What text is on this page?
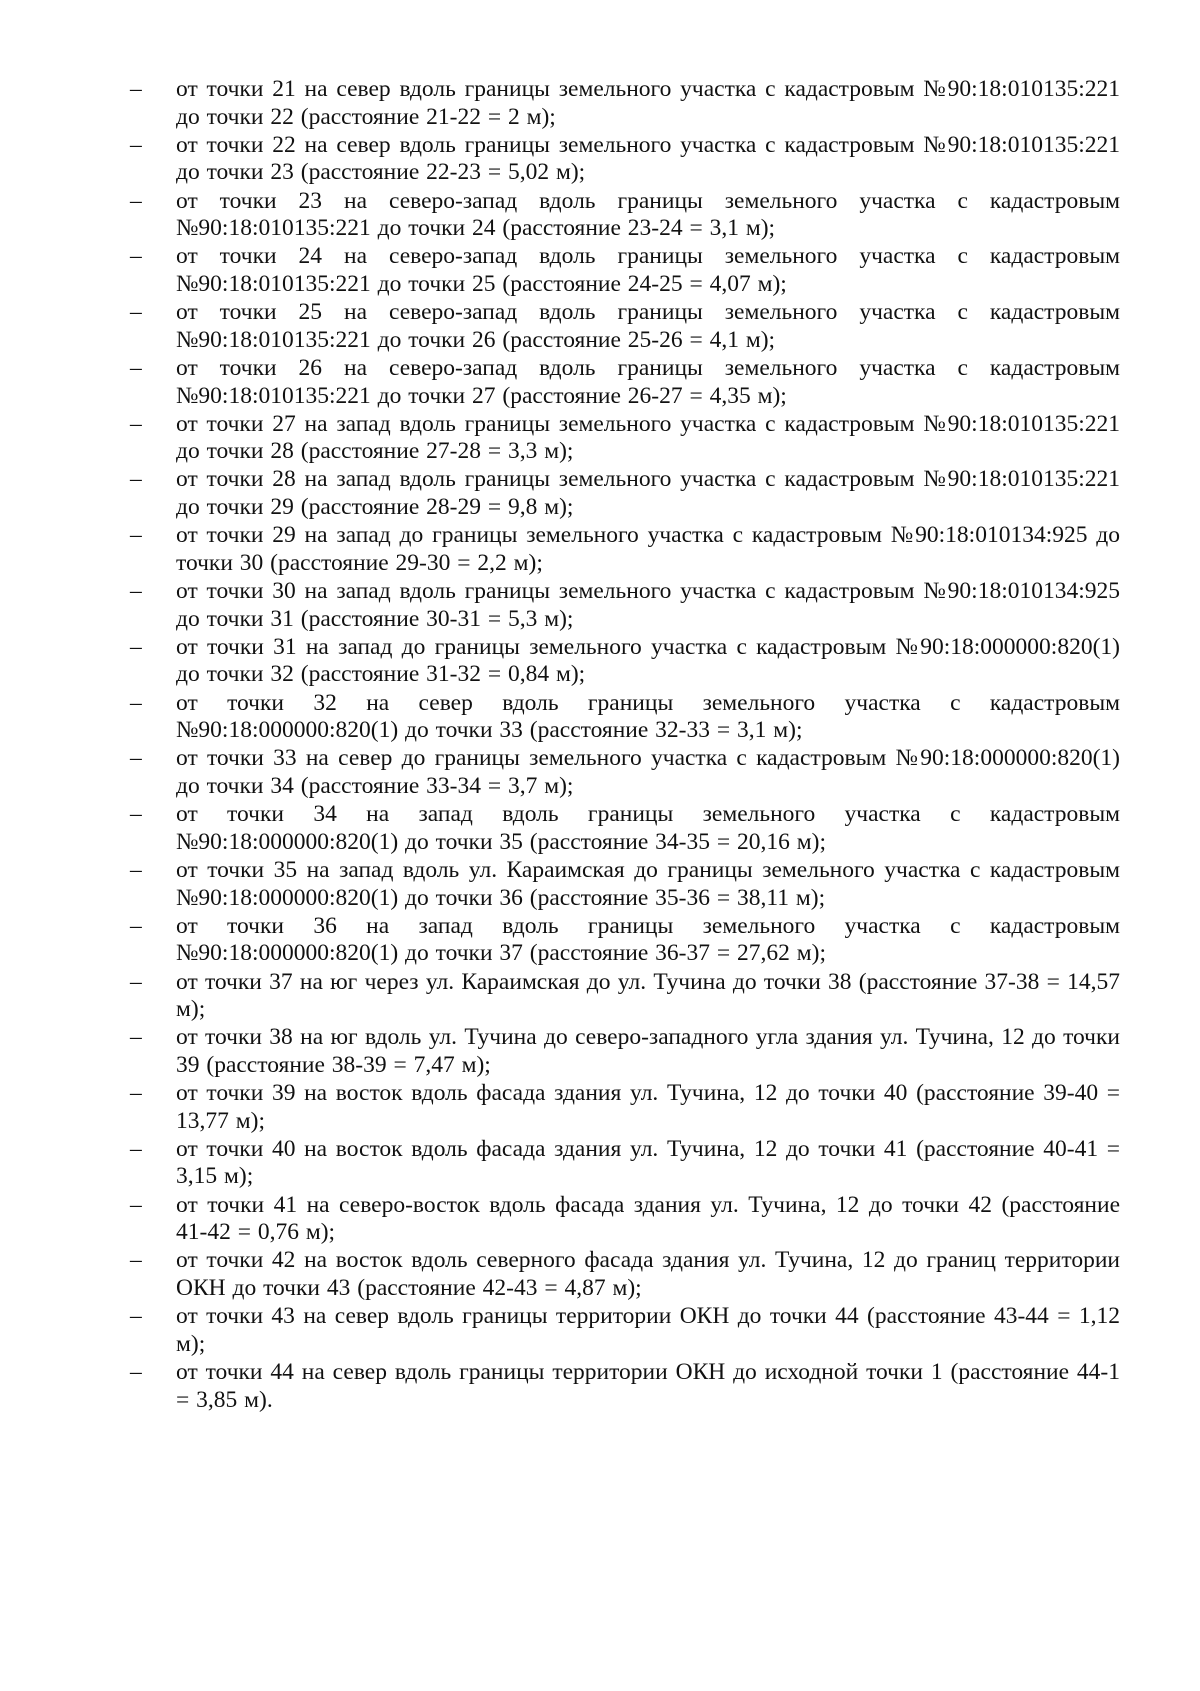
– от точки 21 на север вдоль границы земельного участка с кадастровым №90:18:010135:221 до точки 22 (расстояние 21-22 = 2 м);
– от точки 22 на север вдоль границы земельного участка с кадастровым №90:18:010135:221 до точки 23 (расстояние 22-23 = 5,02 м);
– от точки 23 на северо-запад вдоль границы земельного участка с кадастровым №90:18:010135:221 до точки 24 (расстояние 23-24 = 3,1 м);
– от точки 24 на северо-запад вдоль границы земельного участка с кадастровым №90:18:010135:221 до точки 25 (расстояние 24-25 = 4,07 м);
– от точки 25 на северо-запад вдоль границы земельного участка с кадастровым №90:18:010135:221 до точки 26 (расстояние 25-26 = 4,1 м);
– от точки 26 на северо-запад вдоль границы земельного участка с кадастровым №90:18:010135:221 до точки 27 (расстояние 26-27 = 4,35 м);
– от точки 27 на запад вдоль границы земельного участка с кадастровым №90:18:010135:221 до точки 28 (расстояние 27-28 = 3,3 м);
– от точки 28 на запад вдоль границы земельного участка с кадастровым №90:18:010135:221 до точки 29 (расстояние 28-29 = 9,8 м);
– от точки 29 на запад до границы земельного участка с кадастровым №90:18:010134:925 до точки 30 (расстояние 29-30 = 2,2 м);
– от точки 30 на запад вдоль границы земельного участка с кадастровым №90:18:010134:925 до точки 31 (расстояние 30-31 = 5,3 м);
– от точки 31 на запад до границы земельного участка с кадастровым №90:18:000000:820(1) до точки 32 (расстояние 31-32 = 0,84 м);
– от точки 32 на север вдоль границы земельного участка с кадастровым №90:18:000000:820(1) до точки 33 (расстояние 32-33 = 3,1 м);
– от точки 33 на север до границы земельного участка с кадастровым №90:18:000000:820(1) до точки 34 (расстояние 33-34 = 3,7 м);
– от точки 34 на запад вдоль границы земельного участка с кадастровым №90:18:000000:820(1) до точки 35 (расстояние 34-35 = 20,16 м);
– от точки 35 на запад вдоль ул. Караимская до границы земельного участка с кадастровым №90:18:000000:820(1) до точки 36 (расстояние 35-36 = 38,11 м);
– от точки 36 на запад вдоль границы земельного участка с кадастровым №90:18:000000:820(1) до точки 37 (расстояние 36-37 = 27,62 м);
– от точки 37 на юг через ул. Караимская до ул. Тучина до точки 38 (расстояние 37-38 = 14,57 м);
– от точки 38 на юг вдоль ул. Тучина до северо-западного угла здания ул. Тучина, 12 до точки 39 (расстояние 38-39 = 7,47 м);
– от точки 39 на восток вдоль фасада здания ул. Тучина, 12 до точки 40 (расстояние 39-40 = 13,77 м);
– от точки 40 на восток вдоль фасада здания ул. Тучина, 12 до точки 41 (расстояние 40-41 = 3,15 м);
– от точки 41 на северо-восток вдоль фасада здания ул. Тучина, 12 до точки 42 (расстояние 41-42 = 0,76 м);
– от точки 42 на восток вдоль северного фасада здания ул. Тучина, 12 до границ территории ОКН до точки 43 (расстояние 42-43 = 4,87 м);
– от точки 43 на север вдоль границы территории ОКН до точки 44 (расстояние 43-44 = 1,12 м);
– от точки 44 на север вдоль границы территории ОКН до исходной точки 1 (расстояние 44-1 = 3,85 м).
